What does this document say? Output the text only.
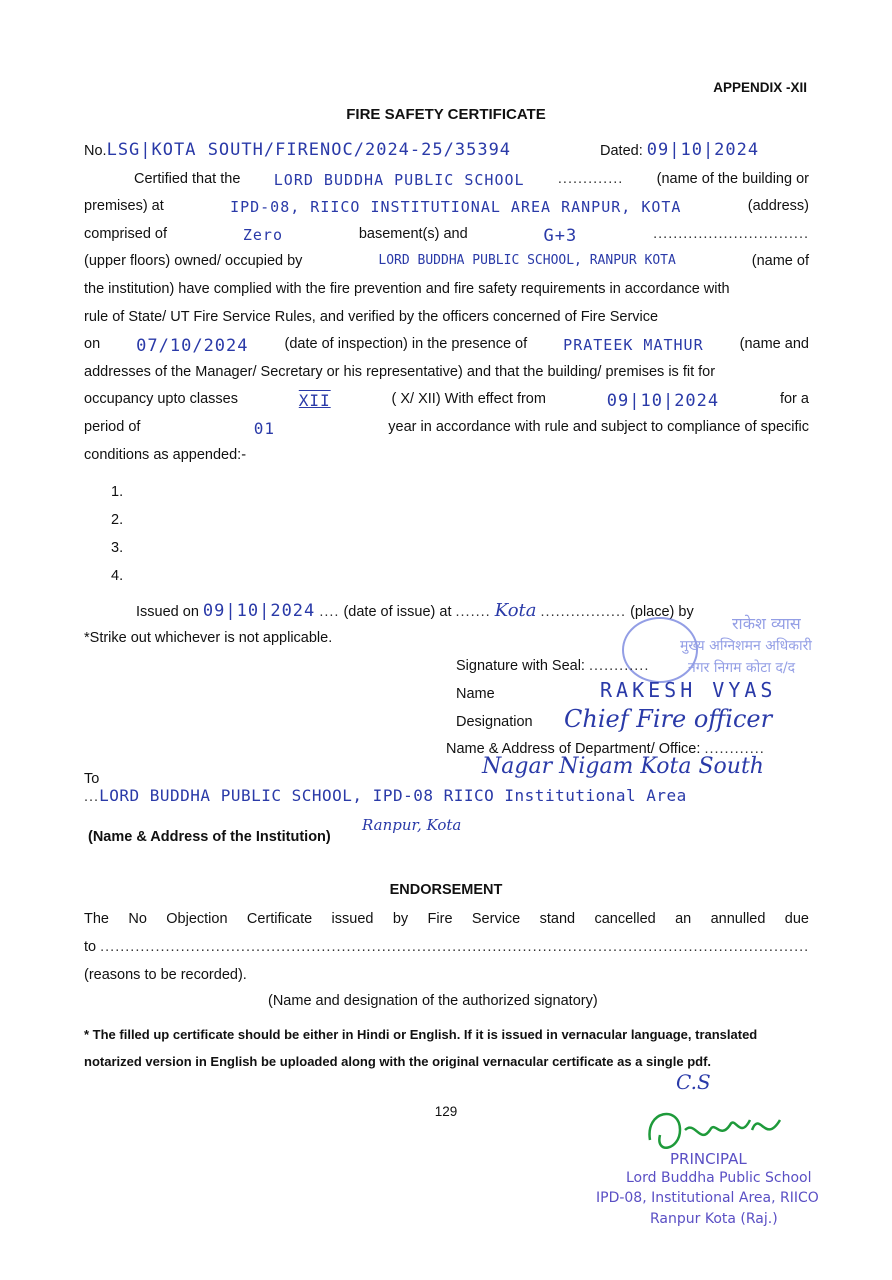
APPENDIX -XII
FIRE SAFETY CERTIFICATE
No.LSG|KOTA SOUTH/FIRENOC/2024-25/35394	Dated: 09|10|2024
Certified that the LORD BUDDHA PUBLIC SCHOOL ............. (name of the building or
premises) at	IPD-08, RIICO INSTITUTIONAL AREA RANPUR, KOTA	(address)
comprised of	Zero	basement(s) and	G+3	...............................
(upper floors) owned/ occupied by	LORD BUDDHA PUBLIC SCHOOL, RANPUR KOTA	(name of
the institution) have complied with the fire prevention and fire safety requirements in accordance with
rule of State/ UT Fire Service Rules, and verified by the officers concerned of Fire Service
on 07/10/2024 (date of inspection) in the presence of PRATEEK MATHUR (name and
addresses of the Manager/ Secretary or his representative) and that the building/ premises is fit for
occupancy upto classes	XII	( X/ XII) With effect from	09|10|2024	for a
period of	01	year in accordance with rule and subject to compliance of specific
conditions as appended:-
1.
2.
3.
4.
Issued on 09|10|2024 .... (date of issue) at ....... Kota ................. (place) by
*Strike out whichever is not applicable.
राकेश व्यास
मुख्य अग्निशमन अधिकारी
नगर निगम कोटा द/द
Signature with Seal: ............
Name	RAKESH VYAS
Designation Chief Fire officer
Name & Address of Department/ Office: ............
Nagar Nigam Kota South
To
...LORD BUDDHA PUBLIC SCHOOL, IPD-08 RIICO Institutional Area
(Name & Address of the Institution)
Ranpur, Kota
ENDORSEMENT
The No Objection Certificate issued by Fire Service stand cancelled an annulled due
to .............................................................................................................................................
(reasons to be recorded).
(Name and designation of the authorized signatory)
* The filled up certificate should be either in Hindi or English. If it is issued in vernacular language, translated notarized version in English be uploaded along with the original vernacular certificate as a single pdf.
129
C.S
PRINCIPAL
Lord Buddha Public School
IPD-08, Institutional Area, RIICO
Ranpur Kota (Raj.)
